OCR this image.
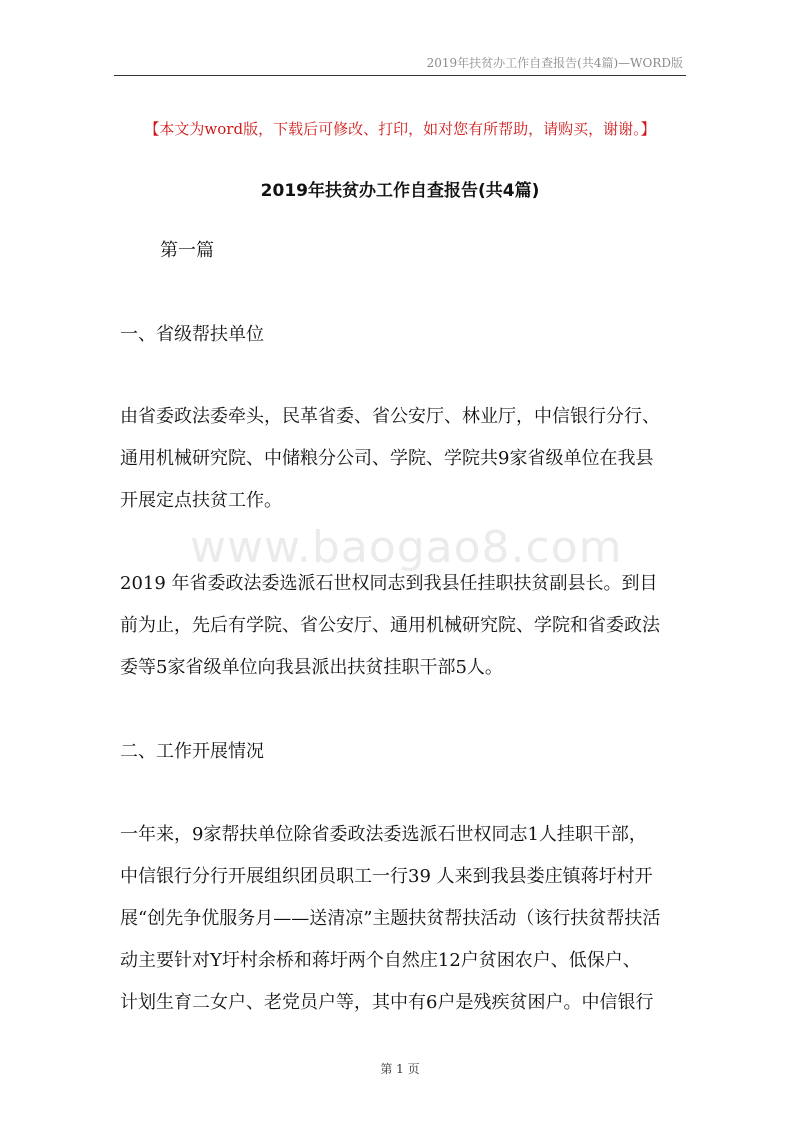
2019年扶贫办工作自查报告(共4篇)—WORD版
【本文为word版，下载后可修改、打印，如对您有所帮助，请购买，谢谢。】
2019年扶贫办工作自查报告(共4篇)
第一篇
一、省级帮扶单位
由省委政法委牵头，民革省委、省公安厅、林业厅，中信银行分行、
通用机械研究院、中储粮分公司、学院、学院共9家省级单位在我县
开展定点扶贫工作。
www.baogao8.com
2019 年省委政法委选派石世权同志到我县任挂职扶贫副县长。到目
前为止，先后有学院、省公安厅、通用机械研究院、学院和省委政法
委等5家省级单位向我县派出扶贫挂职干部5人。
二、工作开展情况
一年来，9家帮扶单位除省委政法委选派石世权同志1人挂职干部，
中信银行分行开展组织团员职工一行39 人来到我县娄庄镇蒋圩村开
展“创先争优服务月——送清凉”主题扶贫帮扶活动（该行扶贫帮扶活
动主要针对Y圩村余桥和蒋圩两个自然庄12户贫困农户、低保户、
计划生育二女户、老党员户等，其中有6户是残疾贫困户。中信银行
第 1 页
